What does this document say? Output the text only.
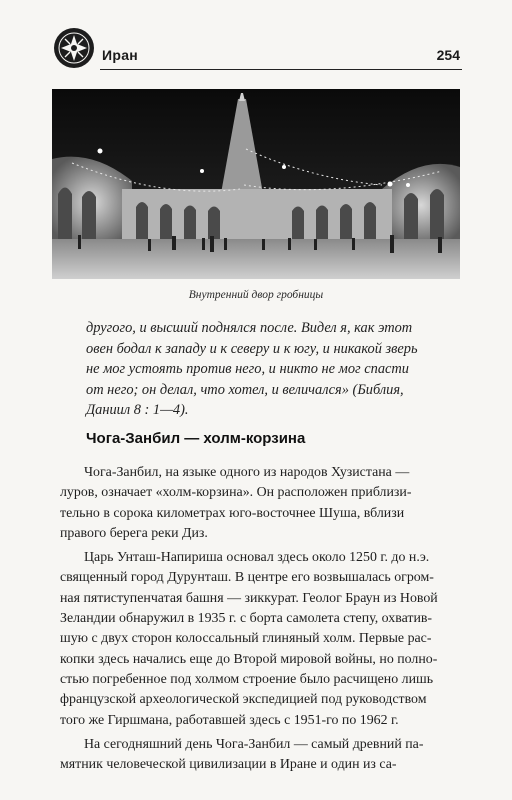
Иран	254
Внутренний двор гробницы
другого, и высший поднялся после. Видел я, как этот
овен бодал к западу и к северу и к югу, и никакой зверь
не мог устоять против него, и никто не мог спасти
от него; он делал, что хотел, и величался» (Библия,
Даниил 8 : 1—4).
Чога-Занбил — холм-корзина
Чога-Занбил, на языке одного из народов Хузистана —
луров, означает «холм-корзина». Он расположен приблизи-
тельно в сорока километрах юго-восточнее Шуша, вблизи
правого берега реки Диз.
Царь Унташ-Напириша основал здесь около 1250 г. до н.э.
священный город Дурунташ. В центре его возвышалась огром-
ная пятиступенчатая башня — зиккурат. Геолог Браун из Новой
Зеландии обнаружил в 1935 г. с борта самолета степу, охватив-
шую с двух сторон колоссальный глиняный холм. Первые рас-
копки здесь начались еще до Второй мировой войны, но полно-
стью погребенное под холмом строение было расчищено лишь
французской археологической экспедицией под руководством
того же Гиршмана, работавшей здесь с 1951-го по 1962 г.
На сегодняшний день Чога-Занбил — самый древний па-
мятник человеческой цивилизации в Иране и один из са-
